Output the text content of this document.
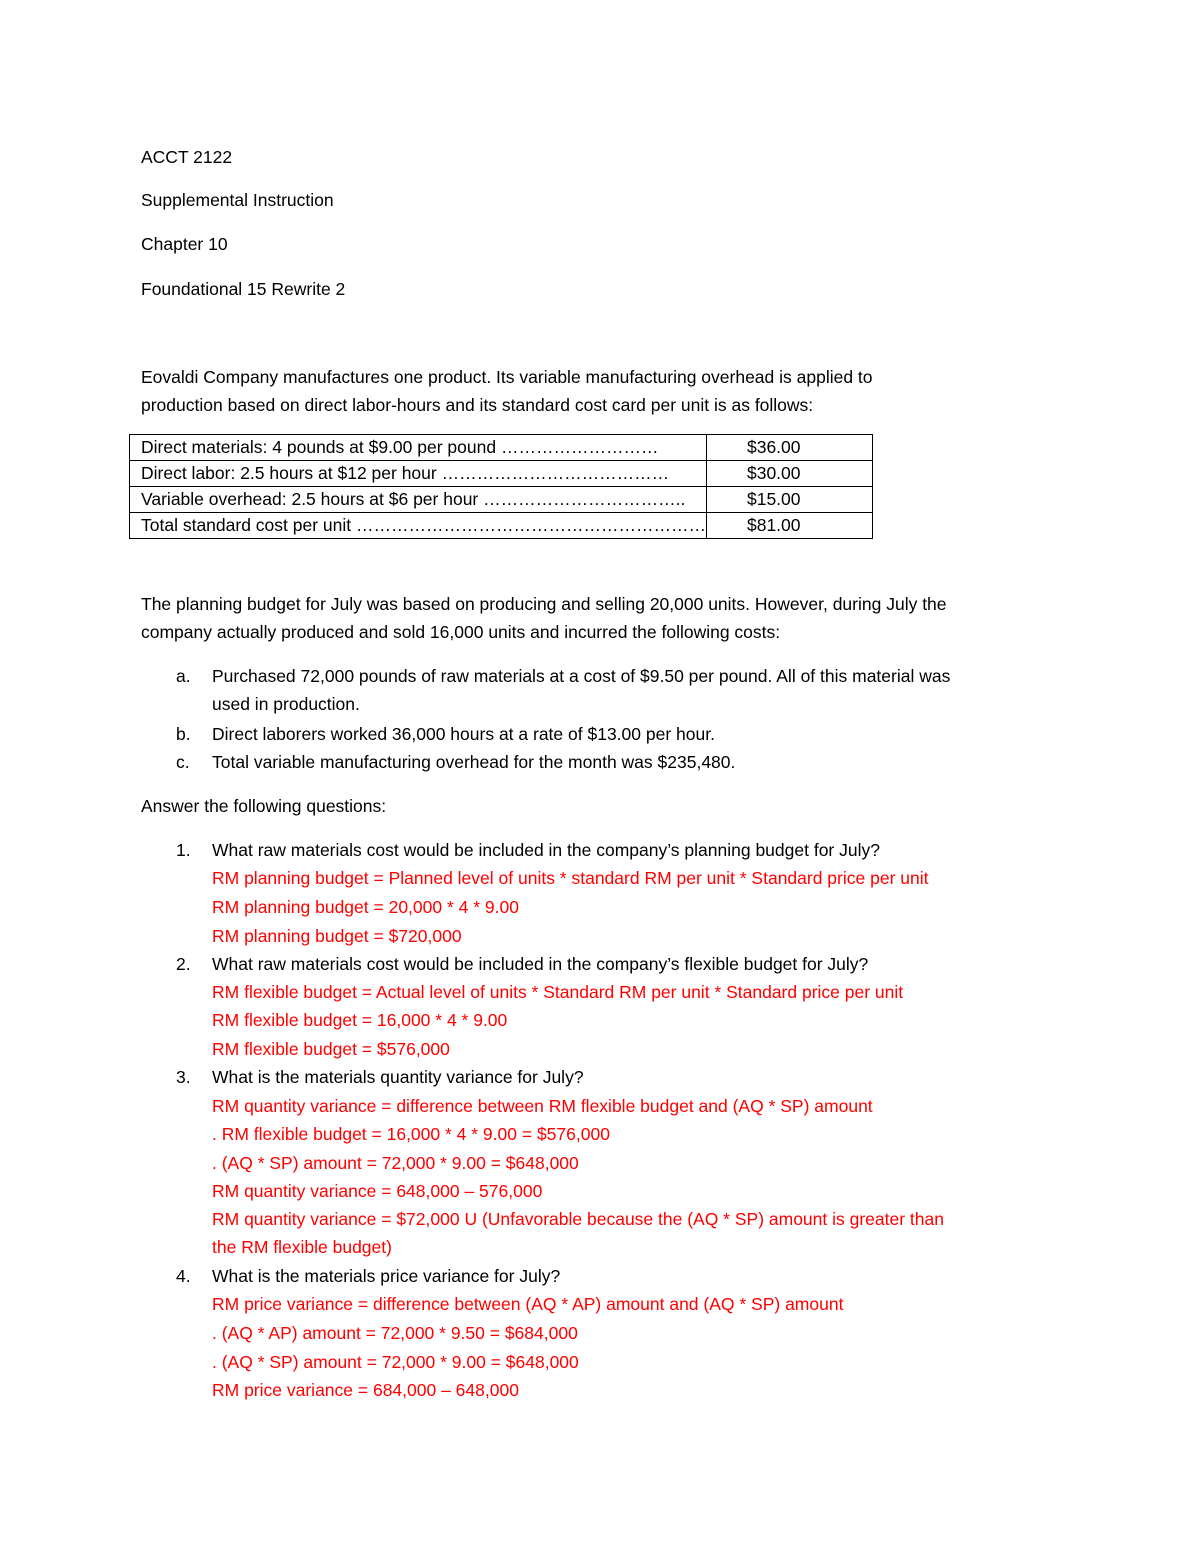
ACCT 2122
Supplemental Instruction
Chapter 10
Foundational 15 Rewrite 2
Eovaldi Company manufactures one product. Its variable manufacturing overhead is applied to
production based on direct labor-hours and its standard cost card per unit is as follows:
Direct materials: 4 pounds at $9.00 per pound ………………………	$36.00
Direct labor: 2.5 hours at $12 per hour …………………………………	$30.00
Variable overhead: 2.5 hours at $6 per hour ……………………………..	$15.00
Total standard cost per unit ……………………………………………………	$81.00
The planning budget for July was based on producing and selling 20,000 units. However, during July the
company actually produced and sold 16,000 units and incurred the following costs:
a. Purchased 72,000 pounds of raw materials at a cost of $9.50 per pound. All of this material was
used in production.
b. Direct laborers worked 36,000 hours at a rate of $13.00 per hour.
c. Total variable manufacturing overhead for the month was $235,480.
Answer the following questions:
1. What raw materials cost would be included in the company’s planning budget for July?
RM planning budget = Planned level of units * standard RM per unit * Standard price per unit
RM planning budget = 20,000 * 4 * 9.00
RM planning budget = $720,000
2. What raw materials cost would be included in the company’s flexible budget for July?
RM flexible budget = Actual level of units * Standard RM per unit * Standard price per unit
RM flexible budget = 16,000 * 4 * 9.00
RM flexible budget = $576,000
3. What is the materials quantity variance for July?
RM quantity variance = difference between RM flexible budget and (AQ * SP) amount
. RM flexible budget = 16,000 * 4 * 9.00 = $576,000
. (AQ * SP) amount = 72,000 * 9.00 = $648,000
RM quantity variance = 648,000 – 576,000
RM quantity variance = $72,000 U (Unfavorable because the (AQ * SP) amount is greater than
the RM flexible budget)
4. What is the materials price variance for July?
RM price variance = difference between (AQ * AP) amount and (AQ * SP) amount
. (AQ * AP) amount = 72,000 * 9.50 = $684,000
. (AQ * SP) amount = 72,000 * 9.00 = $648,000
RM price variance = 684,000 – 648,000
